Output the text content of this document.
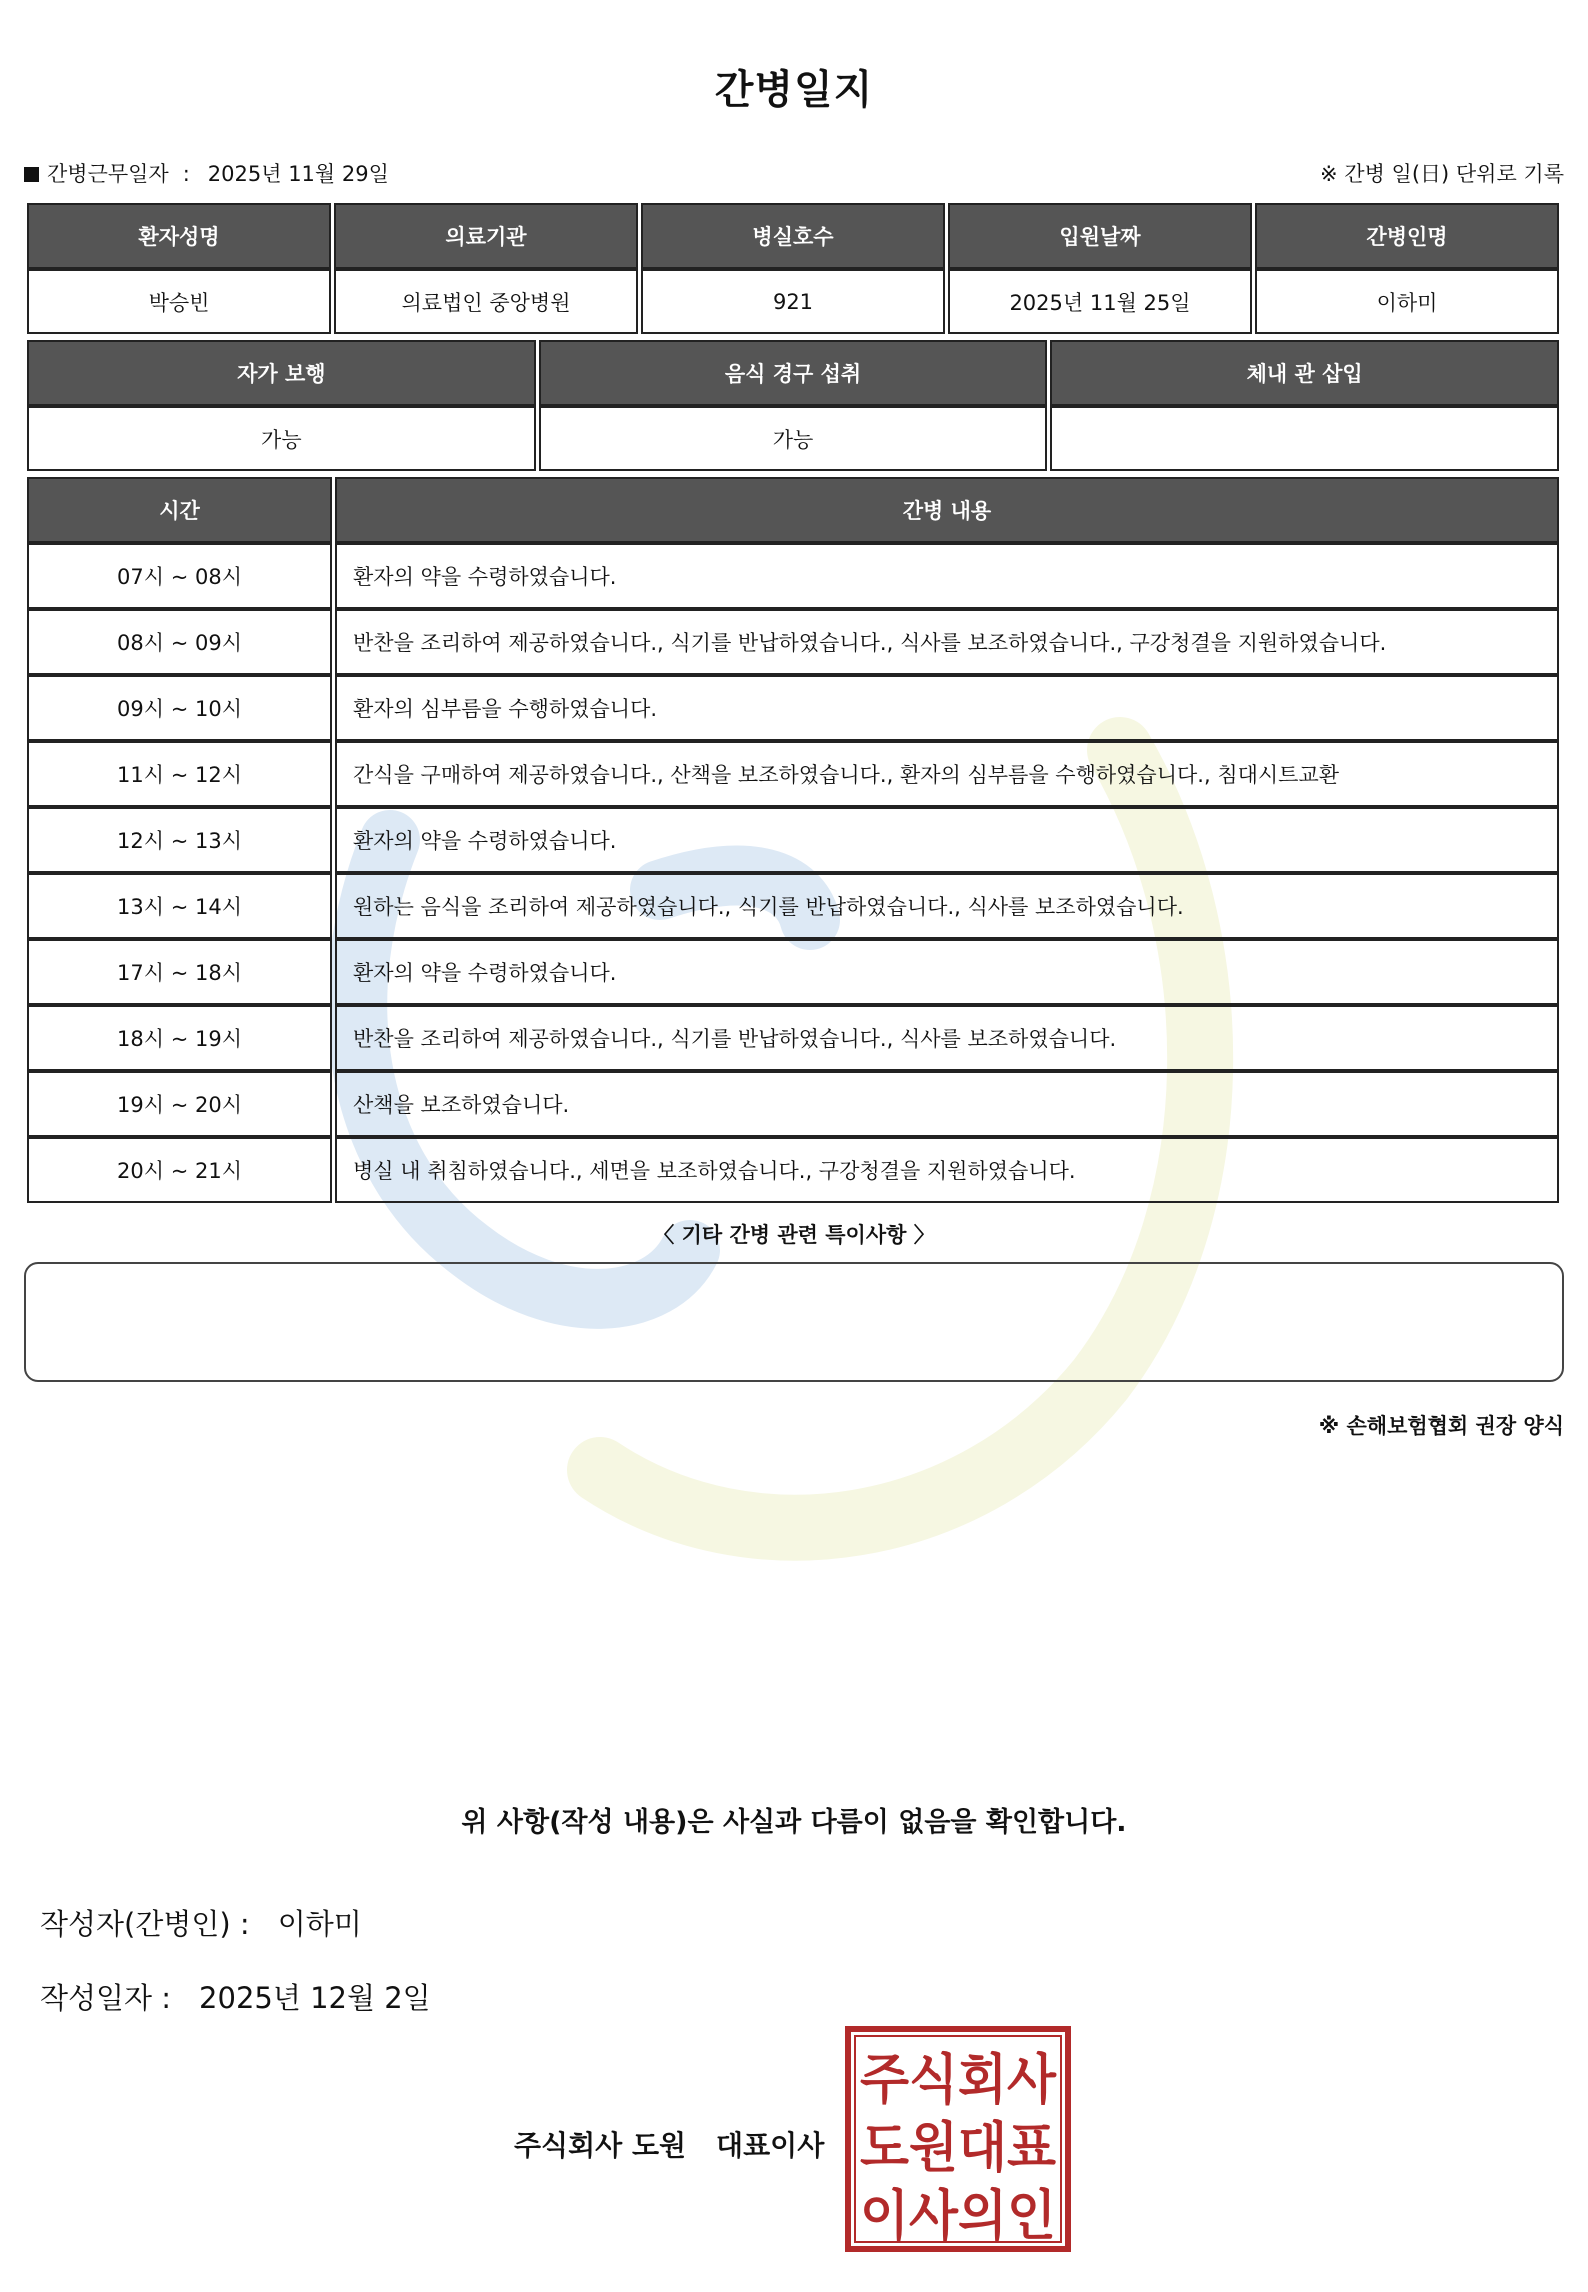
간병일지
간병근무일자 : 2025년 11월 29일	※ 간병 일(日) 단위로 기록
환자성명	의료기관	병실호수	입원날짜	간병인명
박승빈	의료법인 중앙병원	921	2025년 11월 25일	이하미
자가 보행	음식 경구 섭취	체내 관 삽입
가능	가능	
시간	간병 내용
07시 ~ 08시	환자의 약을 수령하였습니다.
08시 ~ 09시	반찬을 조리하여 제공하였습니다., 식기를 반납하였습니다., 식사를 보조하였습니다., 구강청결을 지원하였습니다.
09시 ~ 10시	환자의 심부름을 수행하였습니다.
11시 ~ 12시	간식을 구매하여 제공하였습니다., 산책을 보조하였습니다., 환자의 심부름을 수행하였습니다., 침대시트교환
12시 ~ 13시	환자의 약을 수령하였습니다.
13시 ~ 14시	원하는 음식을 조리하여 제공하였습니다., 식기를 반납하였습니다., 식사를 보조하였습니다.
17시 ~ 18시	환자의 약을 수령하였습니다.
18시 ~ 19시	반찬을 조리하여 제공하였습니다., 식기를 반납하였습니다., 식사를 보조하였습니다.
19시 ~ 20시	산책을 보조하였습니다.
20시 ~ 21시	병실 내 취침하였습니다., 세면을 보조하였습니다., 구강청결을 지원하였습니다.
〈 기타 간병 관련 특이사항 〉
※ 손해보험협회 권장 양식
위 사항(작성 내용)은 사실과 다름이 없음을 확인합니다.
작성자(간병인) : 이하미
작성일자 : 2025년 12월 2일
주식회사 도원 대표이사
주식회사
도원대표
이사의인
